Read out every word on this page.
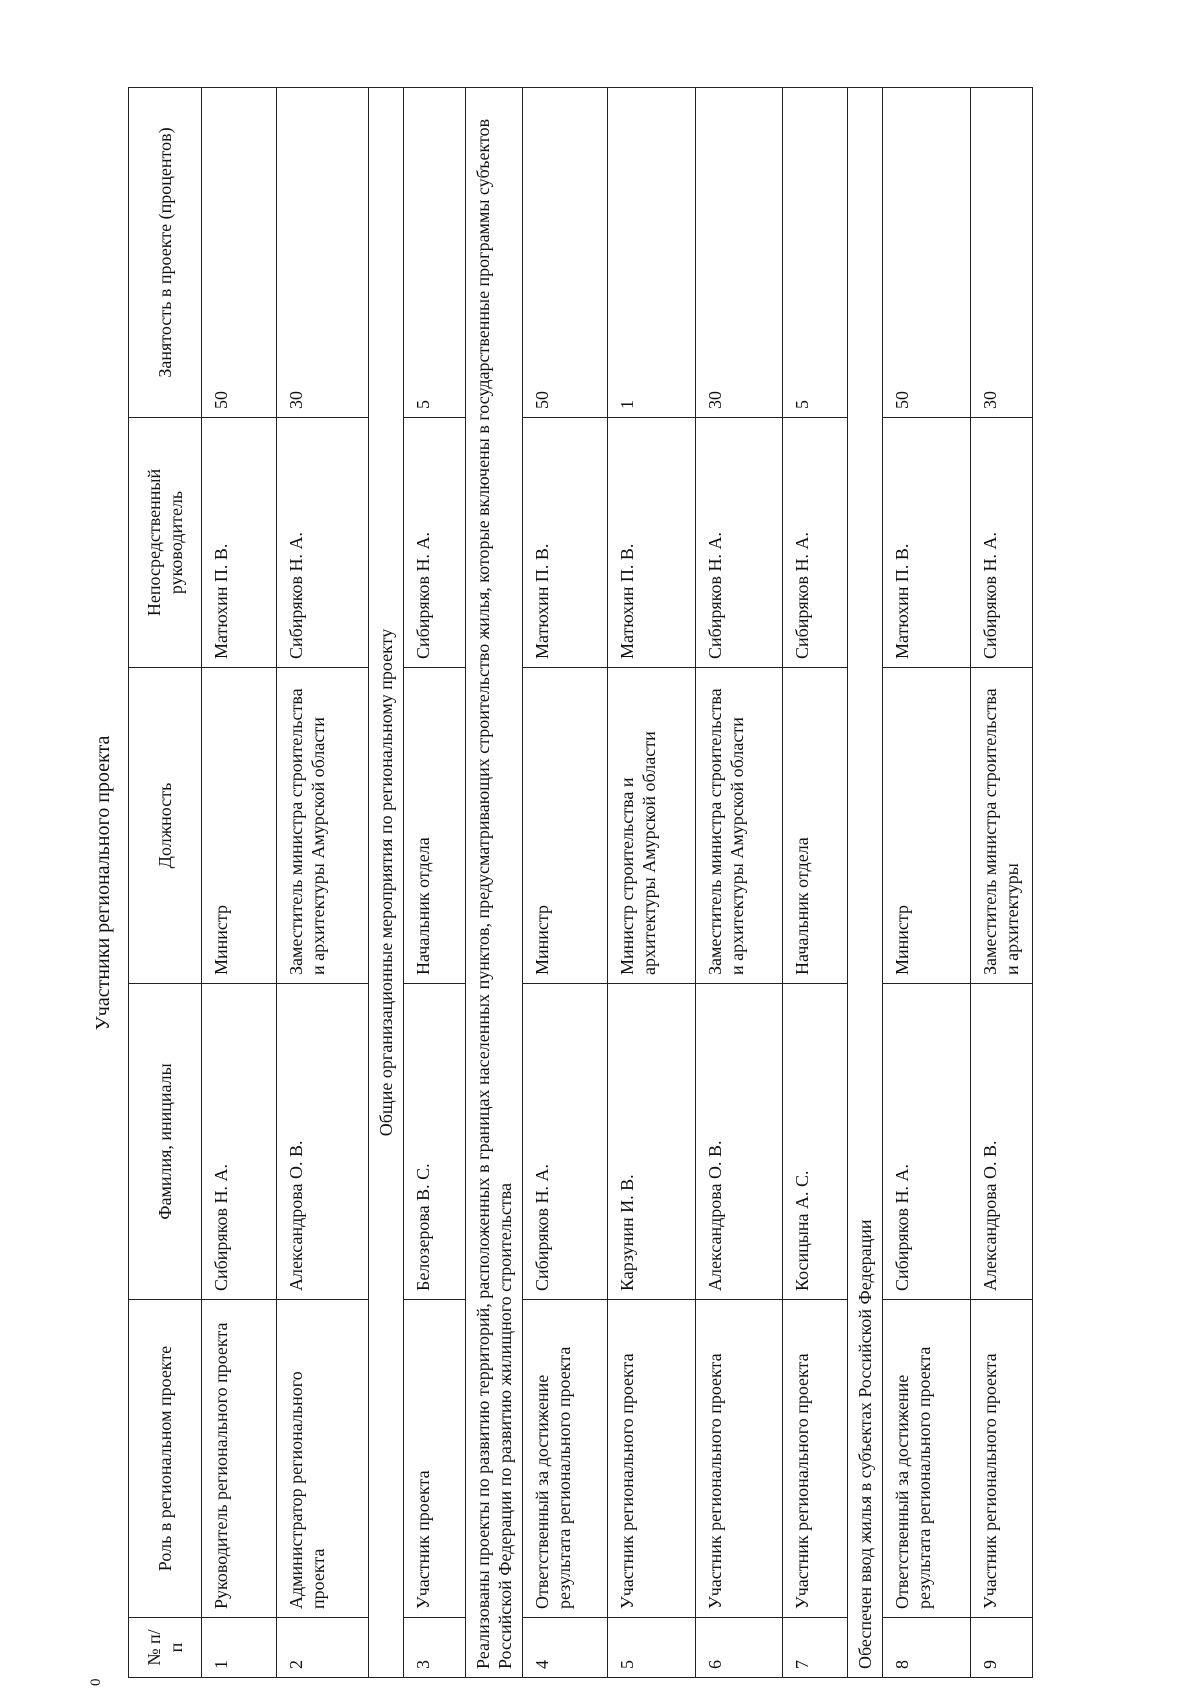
0
Участники регионального проекта
№ п/п	Роль в региональном проекте	Фамилия, инициалы	Должность	Непосредственный руководитель	Занятость в проекте (процентов)
1	Руководитель регионального проекта	Сибиряков Н. А.	Министр	Матюхин П. В.	50
2	Администратор регионального проекта	Александрова О. В.	Заместитель министра строительства и архитектуры Амурской области	Сибиряков Н. А.	30
Общие организационные мероприятия по региональному проекту					
3	Участник проекта	Белозерова В. С.	Начальник отдела	Сибиряков Н. А.	5
Реализованы проекты по развитию территорий, расположенных в границах населенных пунктов, предусматривающих строительство жилья, которые включены в государственные программы субъектов Российской Федерации по развитию жилищного строительства					
4	Ответственный за достижение результата регионального проекта	Сибиряков Н. А.	Министр	Матюхин П. В.	50
5	Участник регионального проекта	Карзунин И. В.	Министр строительства и архитектуры Амурской области	Матюхин П. В.	1
6	Участник регионального проекта	Александрова О. В.	Заместитель министра строительства и архитектуры Амурской области	Сибиряков Н. А.	30
7	Участник регионального проекта	Косицына А. С.	Начальник отдела	Сибиряков Н. А.	5
Обеспечен ввод жилья в субъектах Российской Федерации					
8	Ответственный за достижение результата регионального проекта	Сибиряков Н. А.	Министр	Матюхин П. В.	50
9	Участник регионального проекта	Александрова О. В.	Заместитель министра строительства и архитектуры	Сибиряков Н. А.	30
